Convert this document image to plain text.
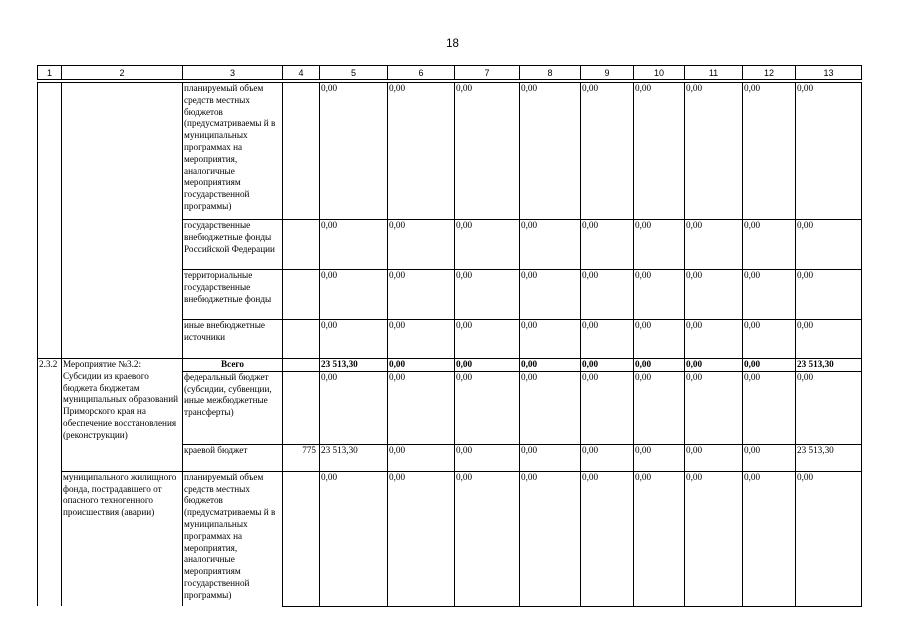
18
1	2	3	4	5	6	7	8	9	10	11	12	13
		планируемый объем средств местных бюджетов (предусматриваемы й в муниципальных программах на мероприятия, аналогичные мероприятиям государственной программы)		0,00	0,00	0,00	0,00	0,00	0,00	0,00	0,00	0,00
		государственные внебюджетные фонды Российской Федерации		0,00	0,00	0,00	0,00	0,00	0,00	0,00	0,00	0,00
		территориальные государственные внебюджетные фонды		0,00	0,00	0,00	0,00	0,00	0,00	0,00	0,00	0,00
		иные внебюджетные источники		0,00	0,00	0,00	0,00	0,00	0,00	0,00	0,00	0,00
2.3.2	Мероприятие №3.2: Субсидии из краевого бюджета бюджетам муниципальных образований Приморского края на обеспечение восстановления (реконструкции)	Всего		23 513,30	0,00	0,00	0,00	0,00	0,00	0,00	0,00	23 513,30
		федеральный бюджет (субсидии, субвенции, иные межбюджетные трансферты)		0,00	0,00	0,00	0,00	0,00	0,00	0,00	0,00	0,00
		краевой бюджет	775	23 513,30	0,00	0,00	0,00	0,00	0,00	0,00	0,00	23 513,30
	муниципального жилищного фонда, пострадавшего от опасного техногенного происшествия (аварии)	планируемый объем средств местных бюджетов (предусматриваемы й в муниципальных программах на мероприятия, аналогичные мероприятиям государственной программы)		0,00	0,00	0,00	0,00	0,00	0,00	0,00	0,00	0,00
